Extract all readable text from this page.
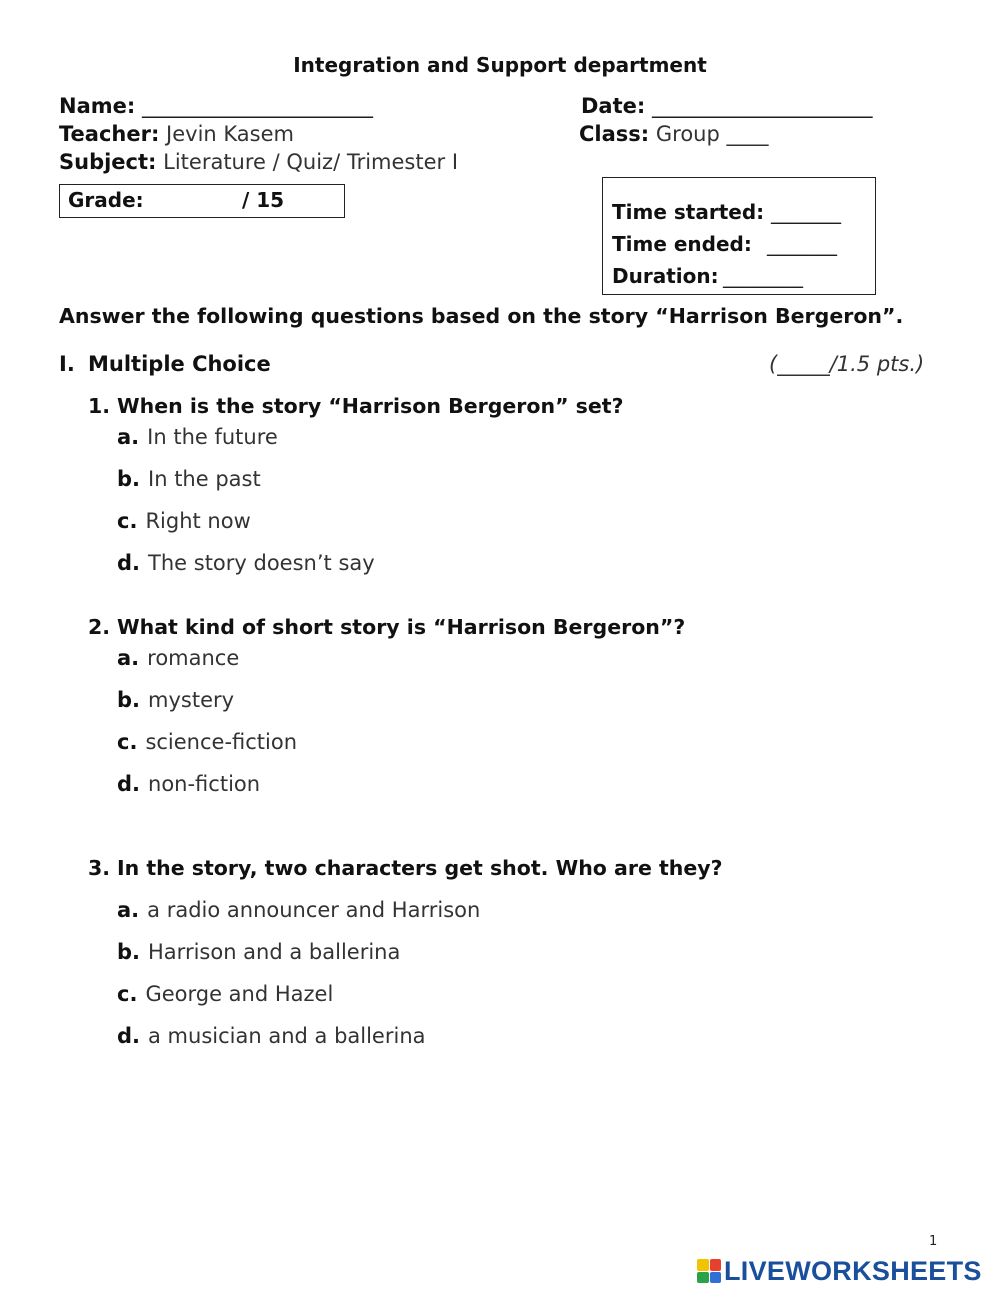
Integration and Support department
Name: ______________________	Date: _____________________
Teacher: Jevin Kasem	Class: Group ____
Subject: Literature / Quiz/ Trimester I
Grade:	/ 15	Time started: _______
Time ended: _______
Duration: ________
Answer the following questions based on the story “Harrison Bergeron”.
I. Multiple Choice	(_____/1.5 pts.)
1. When is the story “Harrison Bergeron” set?
a. In the future
b. In the past
c. Right now
d. The story doesn’t say
2. What kind of short story is “Harrison Bergeron”?
a. romance
b. mystery
c. science-fiction
d. non-fiction
3. In the story, two characters get shot. Who are they?
a. a radio announcer and Harrison
b. Harrison and a ballerina
c. George and Hazel
d. a musician and a ballerina
1
LIVEWORKSHEETS
